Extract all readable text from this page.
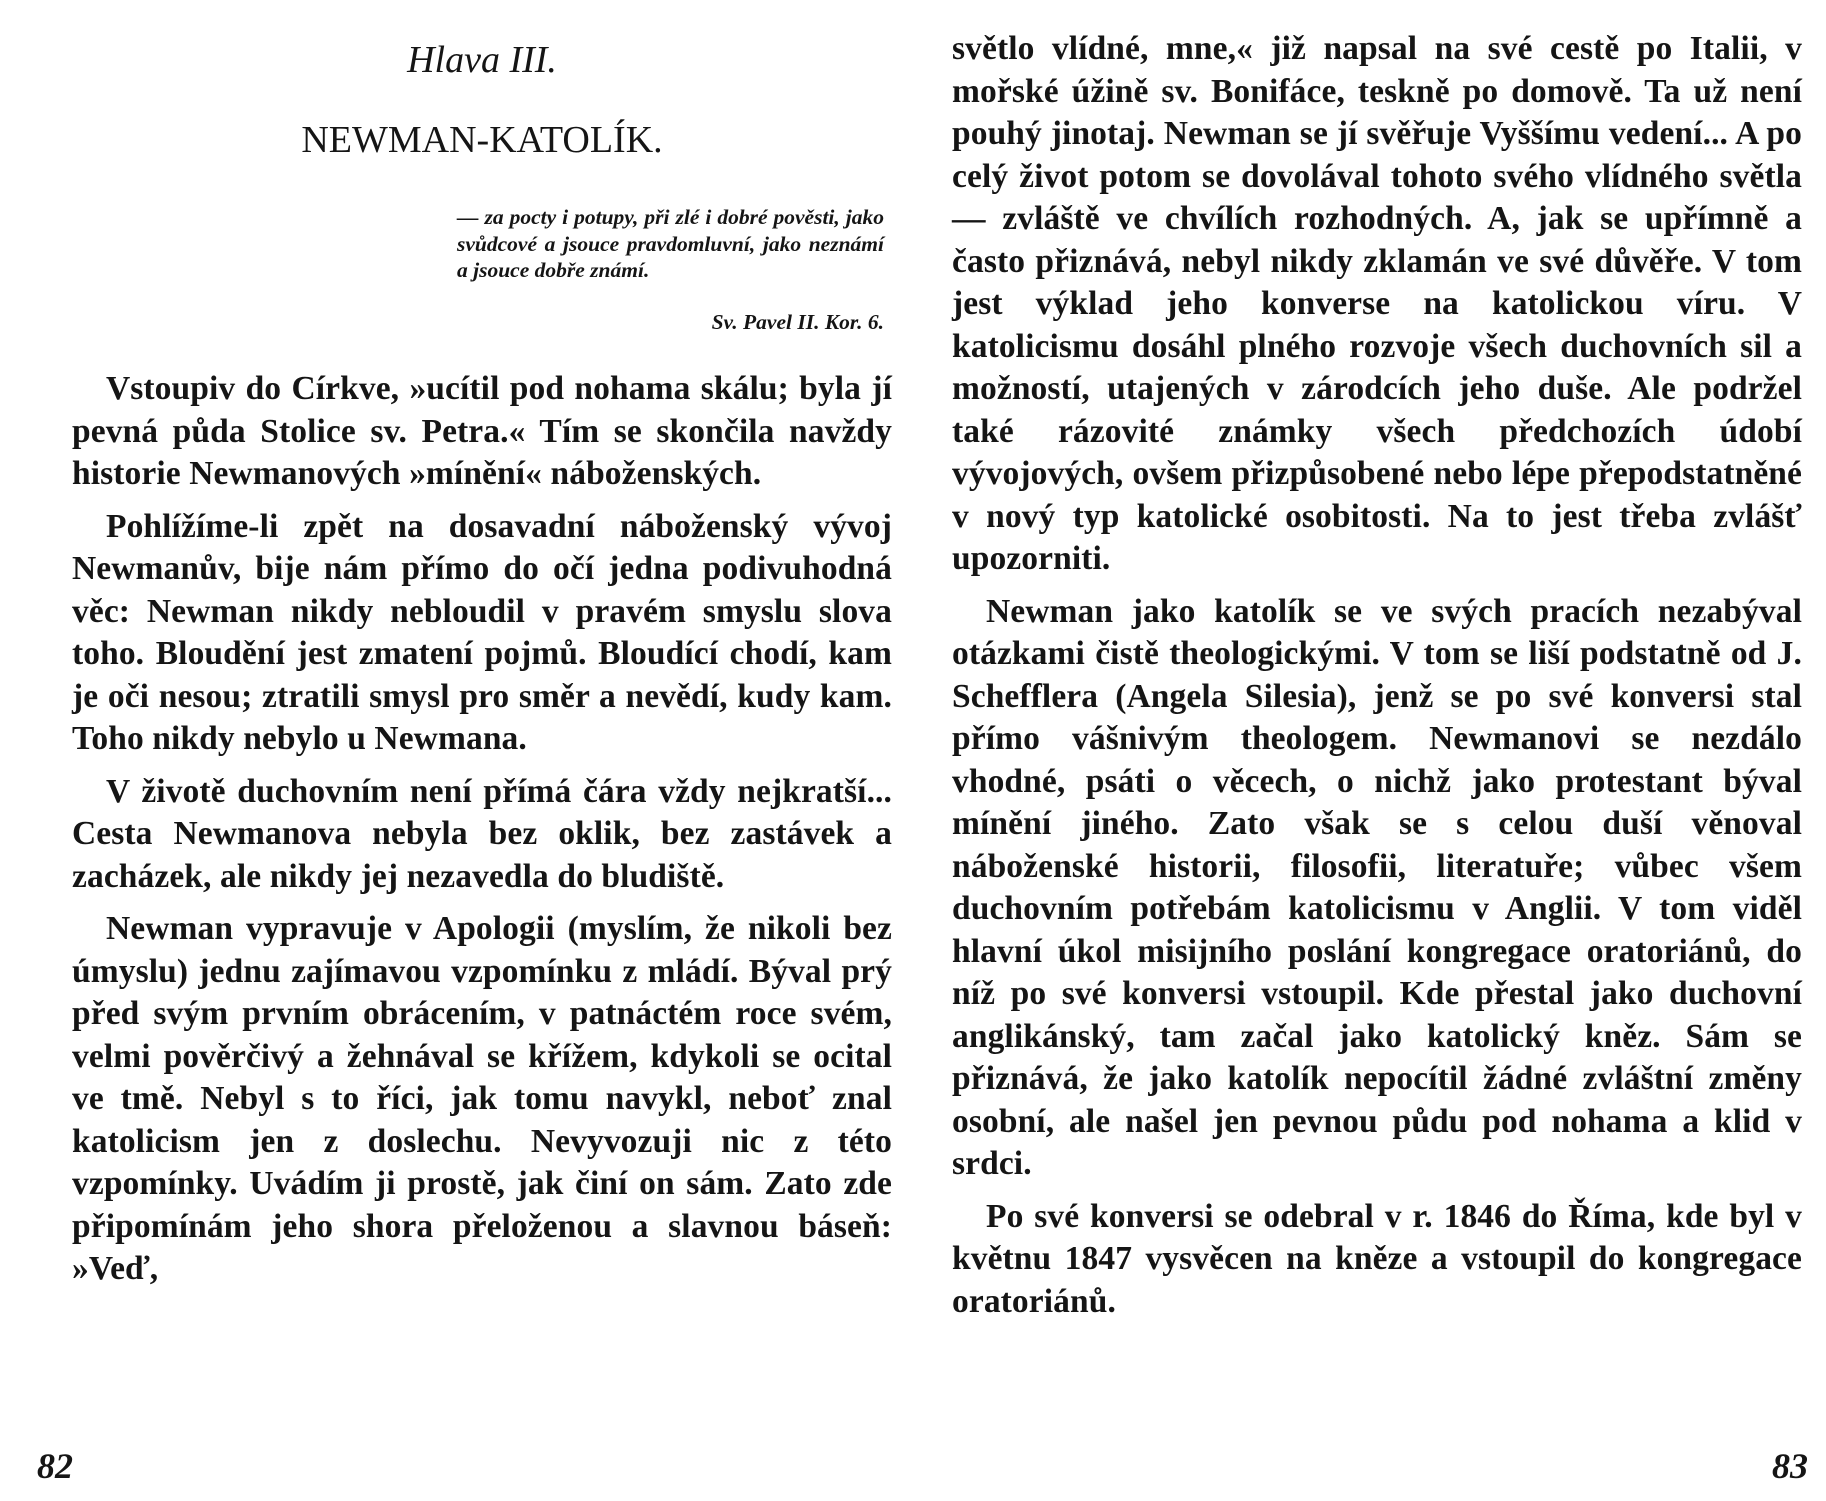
Hlava III.
NEWMAN-KATOLÍK.

— za pocty i potupy, při zlé i dobré pověsti, jako svůdcové a jsouce pravdomluvní, jako neznámí a jsouce dobře známí.

Sv. Pavel II. Kor. 6.

Vstoupiv do Církve, »ucítil pod nohama skálu; byla jí pevná půda Stolice sv. Petra.« Tím se skončila navždy historie Newmanových »mínění« náboženských.

Pohlížíme-li zpět na dosavadní náboženský vývoj Newmanův, bije nám přímo do očí jedna podivuhodná věc: Newman nikdy nebloudil v pravém smyslu slova toho. Bloudění jest zmatení pojmů. Bloudící chodí, kam je oči nesou; ztratili smysl pro směr a nevědí, kudy kam. Toho nikdy nebylo u Newmana.

V životě duchovním není přímá čára vždy nejkratší... Cesta Newmanova nebyla bez oklik, bez zastávek a zacházek, ale nikdy jej nezavedla do bludiště.

Newman vypravuje v Apologii (myslím, že nikoli bez úmyslu) jednu zajímavou vzpomínku z mládí. Býval prý před svým prvním obrácením, v patnáctém roce svém, velmi pověrčivý a žehnával se křížem, kdykoli se ocital ve tmě. Nebyl s to říci, jak tomu navykl, neboť znal katolicism jen z doslechu. Nevyvozuji nic z této vzpomínky. Uvádím ji prostě, jak činí on sám. Zato zde připomínám jeho shora přeloženou a slavnou báseň: »Veď,

82

světlo vlídné, mne,« již napsal na své cestě po Italii, v mořské úžině sv. Bonifáce, teskně po domově. Ta už není pouhý jinotaj. Newman se jí svěřuje Vyššímu vedení... A po celý život potom se dovolával tohoto svého vlídného světla — zvláště ve chvílích rozhodných. A, jak se upřímně a často přiznává, nebyl nikdy zklamán ve své důvěře. V tom jest výklad jeho konverse na katolickou víru. V katolicismu dosáhl plného rozvoje všech duchovních sil a možností, utajených v zárodcích jeho duše. Ale podržel také rázovité známky všech předchozích údobí vývojových, ovšem přizpůsobené nebo lépe přepodstatněné v nový typ katolické osobitosti. Na to jest třeba zvlášť upozorniti.

Newman jako katolík se ve svých pracích nezabýval otázkami čistě theologickými. V tom se liší podstatně od J. Schefflera (Angela Silesia), jenž se po své konversi stal přímo vášnivým theologem. Newmanovi se nezdálo vhodné, psáti o věcech, o nichž jako protestant býval mínění jiného. Zato však se s celou duší věnoval náboženské historii, filosofii, literatuře; vůbec všem duchovním potřebám katolicismu v Anglii. V tom viděl hlavní úkol misijního poslání kongregace oratoriánů, do níž po své konversi vstoupil. Kde přestal jako duchovní anglikánský, tam začal jako katolický kněz. Sám se přiznává, že jako katolík nepocítil žádné zvláštní změny osobní, ale našel jen pevnou půdu pod nohama a klid v srdci.

Po své konversi se odebral v r. 1846 do Říma, kde byl v květnu 1847 vysvěcen na kněze a vstoupil do kongregace oratoriánů.

83
